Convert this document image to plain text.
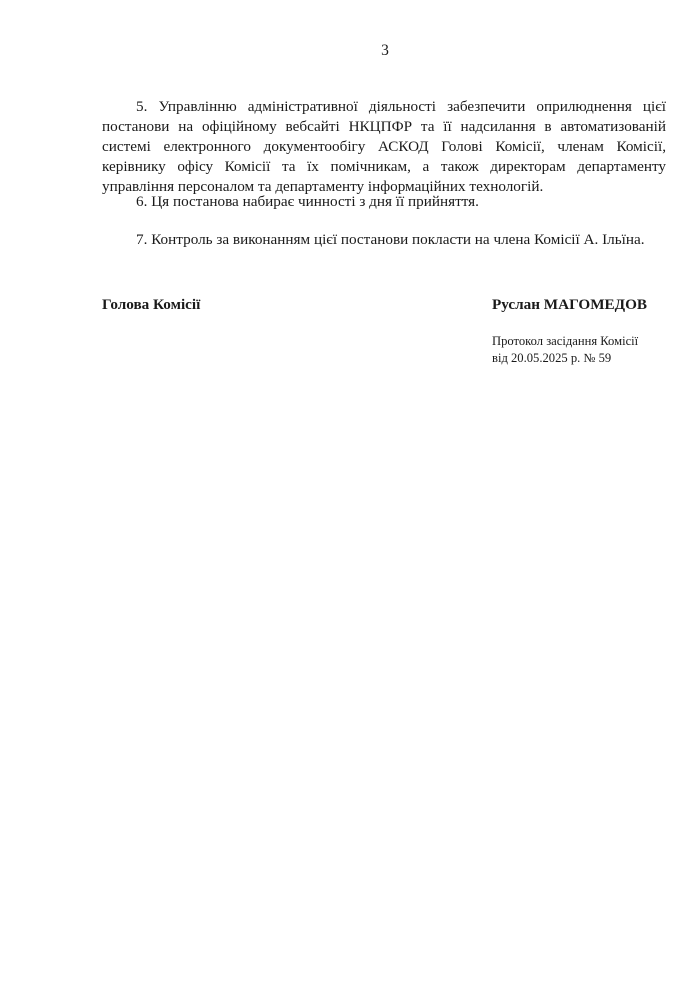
3

5. Управлінню адміністративної діяльності забезпечити оприлюднення цієї постанови на офіційному вебсайті НКЦПФР та її надсилання в автоматизованій системі електронного документообігу АСКОД Голові Комісії, членам Комісії, керівнику офісу Комісії та їх помічникам, а також директорам департаменту управління персоналом та департаменту інформаційних технологій.

6. Ця постанова набирає чинності з дня її прийняття.

7. Контроль за виконанням цієї постанови покласти на члена Комісії А. Ільїна.

Голова Комісії	Руслан МАГОМЕДОВ
Протокол засідання Комісії
від 20.05.2025 р. № 59
